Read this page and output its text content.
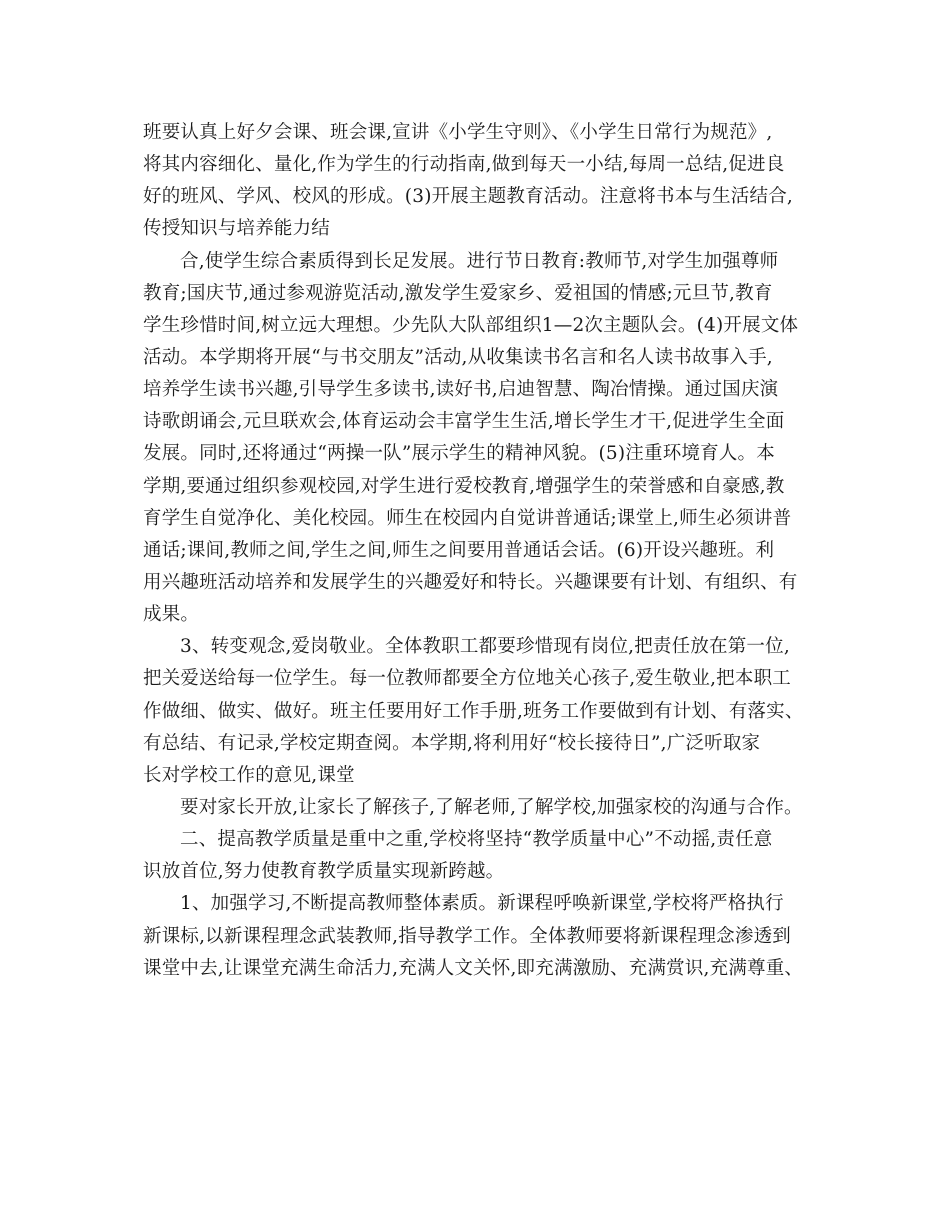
班要认真上好夕会课、班会课,宣讲《小学生守则》、《小学生日常行为规范》,
将其内容细化、量化,作为学生的行动指南,做到每天一小结,每周一总结,促进良
好的班风、学风、校风的形成。(3)开展主题教育活动。注意将书本与生活结合,
传授知识与培养能力结
合,使学生综合素质得到长足发展。进行节日教育:教师节,对学生加强尊师
教育;国庆节,通过参观游览活动,激发学生爱家乡、爱祖国的情感;元旦节,教育
学生珍惜时间,树立远大理想。少先队大队部组织1—2次主题队会。(4)开展文体
活动。本学期将开展“与书交朋友”活动,从收集读书名言和名人读书故事入手,
培养学生读书兴趣,引导学生多读书,读好书,启迪智慧、陶冶情操。通过国庆演
诗歌朗诵会,元旦联欢会,体育运动会丰富学生生活,增长学生才干,促进学生全面
发展。同时,还将通过“两操一队”展示学生的精神风貌。(5)注重环境育人。本
学期,要通过组织参观校园,对学生进行爱校教育,增强学生的荣誉感和自豪感,教
育学生自觉净化、美化校园。师生在校园内自觉讲普通话;课堂上,师生必须讲普
通话;课间,教师之间,学生之间,师生之间要用普通话会话。(6)开设兴趣班。利
用兴趣班活动培养和发展学生的兴趣爱好和特长。兴趣课要有计划、有组织、有
成果。
3、转变观念,爱岗敬业。全体教职工都要珍惜现有岗位,把责任放在第一位,
把关爱送给每一位学生。每一位教师都要全方位地关心孩子,爱生敬业,把本职工
作做细、做实、做好。班主任要用好工作手册,班务工作要做到有计划、有落实、
有总结、有记录,学校定期查阅。本学期,将利用好“校长接待日”,广泛听取家
长对学校工作的意见,课堂
要对家长开放,让家长了解孩子,了解老师,了解学校,加强家校的沟通与合作。
二、提高教学质量是重中之重,学校将坚持“教学质量中心”不动摇,责任意
识放首位,努力使教育教学质量实现新跨越。
1、加强学习,不断提高教师整体素质。新课程呼唤新课堂,学校将严格执行
新课标,以新课程理念武装教师,指导教学工作。全体教师要将新课程理念渗透到
课堂中去,让课堂充满生命活力,充满人文关怀,即充满激励、充满赏识,充满尊重、
